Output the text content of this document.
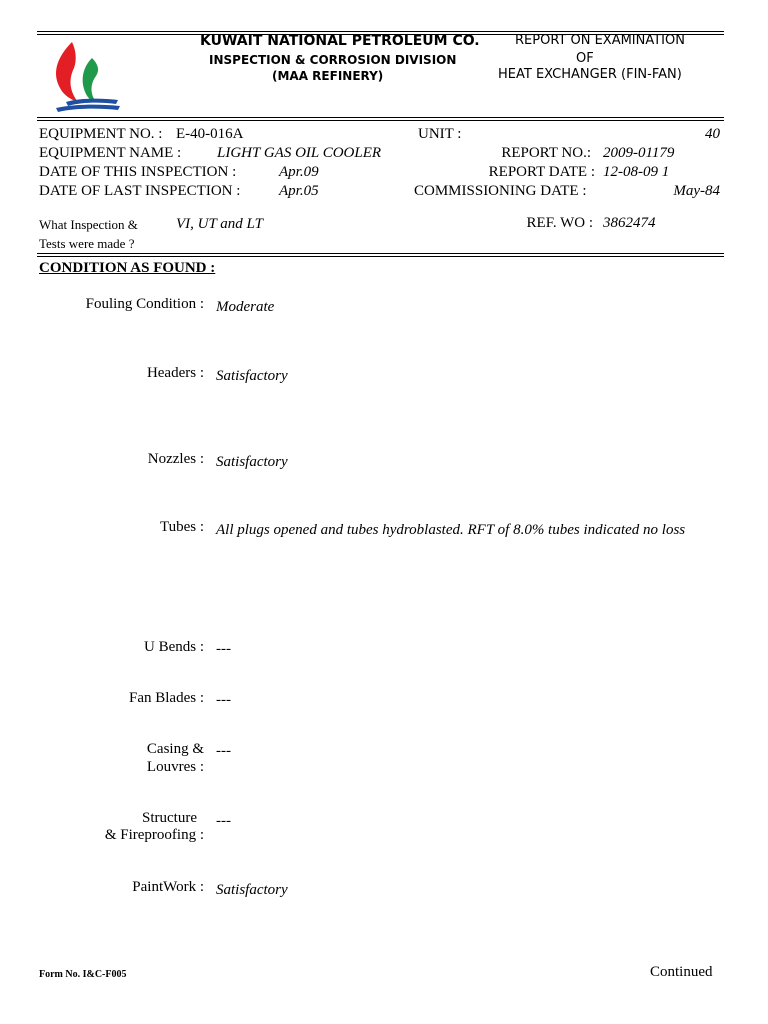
KUWAIT NATIONAL PETROLEUM CO.
INSPECTION & CORROSION DIVISION
(MAA REFINERY)
REPORT ON EXAMINATION
OF
HEAT EXCHANGER (FIN-FAN)
EQUIPMENT NO. : E-40-016A	UNIT :	40
EQUIPMENT NAME : LIGHT GAS OIL COOLER	REPORT NO.: 2009-01179
DATE OF THIS INSPECTION :	Apr.09	REPORT DATE : 12-08-09 1
DATE OF LAST INSPECTION :	Apr.05	COMMISSIONING DATE :	May-84
What Inspection &
Tests were made ?
VI, UT and LT	REF. WO : 3862474
CONDITION AS FOUND :
Fouling Condition : Moderate
Headers : Satisfactory
Nozzles : Satisfactory
Tubes : All plugs opened and tubes hydroblasted. RFT of 8.0% tubes indicated no loss
U Bends : ---
Fan Blades : ---
Casing &
Louvres :
---
Structure
& Fireproofing :
---
PaintWork : Satisfactory
Form No. I&C-F005	Continued
